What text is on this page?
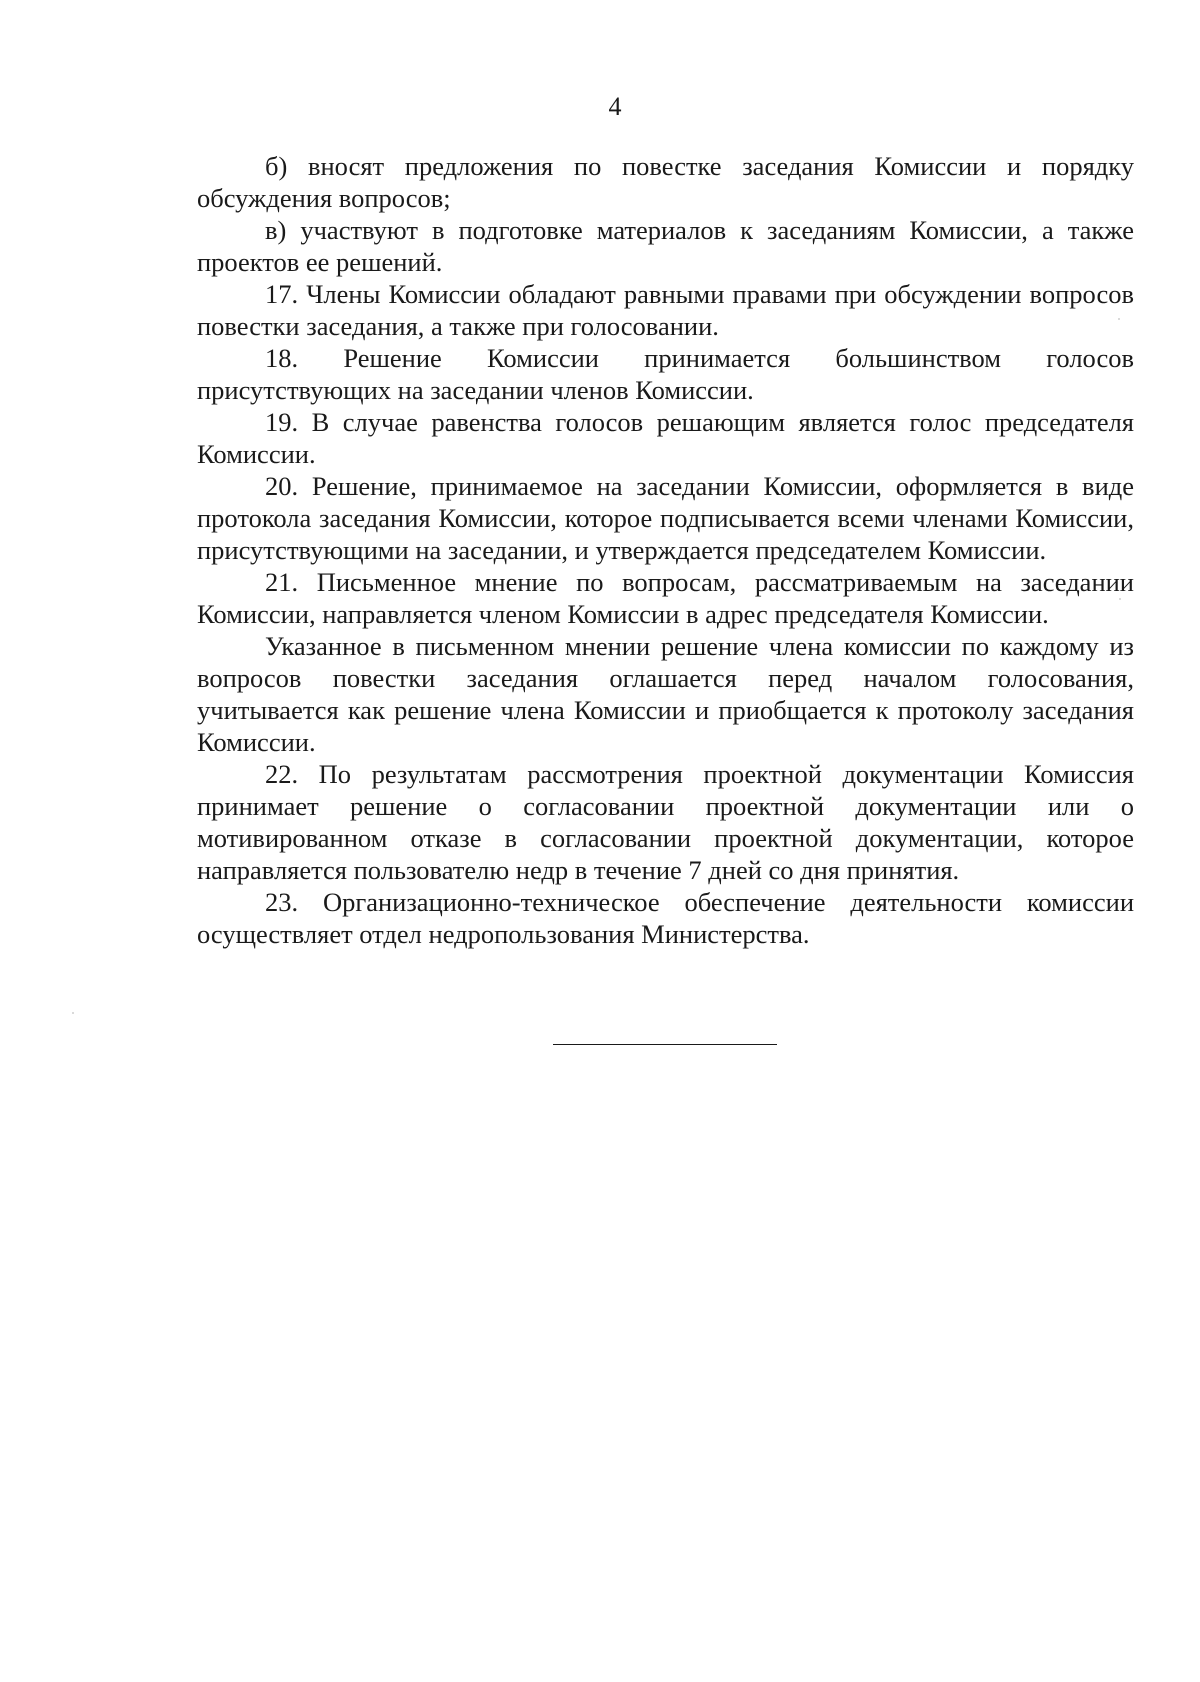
4

б) вносят предложения по повестке заседания Комиссии и порядку обсуждения вопросов;

в) участвуют в подготовке материалов к заседаниям Комиссии, а также проектов ее решений.

17. Члены Комиссии обладают равными правами при обсуждении вопросов повестки заседания, а также при голосовании.

18. Решение Комиссии принимается большинством голосов присутствующих на заседании членов Комиссии.

19. В случае равенства голосов решающим является голос председателя Комиссии.

20. Решение, принимаемое на заседании Комиссии, оформляется в виде протокола заседания Комиссии, которое подписывается всеми членами Комиссии, присутствующими на заседании, и утверждается председателем Комиссии.

21. Письменное мнение по вопросам, рассматриваемым на заседании Комиссии, направляется членом Комиссии в адрес председателя Комиссии.

Указанное в письменном мнении решение члена комиссии по каждому из вопросов повестки заседания оглашается перед началом голосования, учитывается как решение члена Комиссии и приобщается к протоколу заседания Комиссии.

22. По результатам рассмотрения проектной документации Комиссия принимает решение о согласовании проектной документации или о мотивированном отказе в согласовании проектной документации, которое направляется пользователю недр в течение 7 дней со дня принятия.

23. Организационно-техническое обеспечение деятельности комиссии осуществляет отдел недропользования Министерства.
